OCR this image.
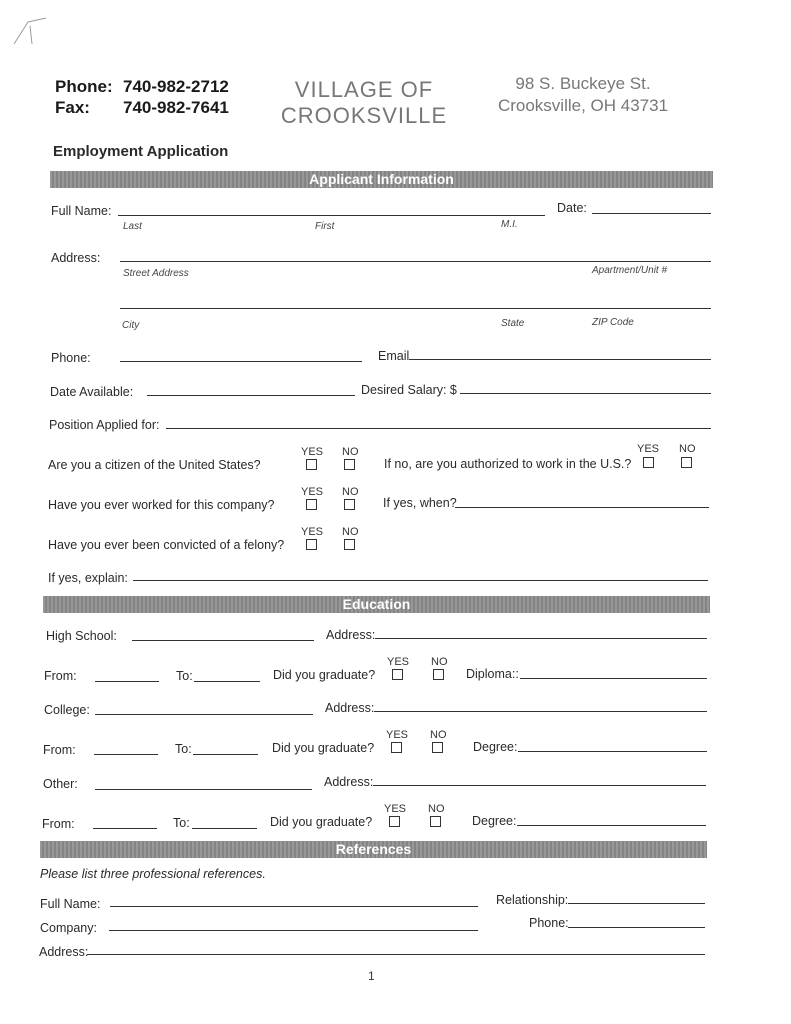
Phone: 740-982-2712
Fax: 740-982-7641
VILLAGE OF
CROOKSVILLE
98 S. Buckeye St.
Crooksville, OH 43731
Employment Application
Applicant Information
Full Name:	Date:
Last	First	M.I.
Address:
Street Address	Apartment/Unit #
City	State	ZIP Code
Phone:	Email
Date Available:	Desired Salary: $
Position Applied for:
YES NO
Are you a citizen of the United States?
YES NO
If no, are you authorized to work in the U.S.?
YES NO
Have you ever worked for this company?	If yes, when?
YES NO
Have you ever been convicted of a felony?
If yes, explain:
Education
High School:	Address:
YES NO
From:	To:	Did you graduate?	Diploma::
College:	Address:
YES NO
From:	To:	Did you graduate?	Degree:
Other:	Address:
YES NO
From:	To:	Did you graduate?	Degree:
References
Please list three professional references.
Full Name:	Relationship:
Company:	Phone:
Address:
1
